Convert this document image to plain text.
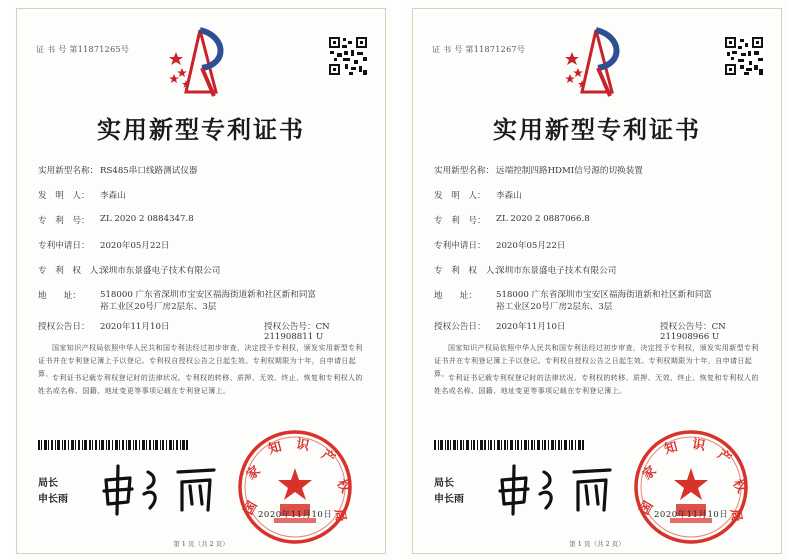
证 书 号 第11871265号
实用新型专利证书
实用新型名称： RS485串口线路测试仪器
发　明　人： 李森山
专　利　号： ZL 2020 2 0884347.8
专利申请日： 2020年05月22日
专　利　权　人：
深圳市东景盛电子技术有限公司
地　　址： 518000 广东省深圳市宝安区福海街道新和社区新和同富裕工业区20号厂房2层东、3层
授权公告日： 2020年11月10日	授权公告号：CN 211908811 U
国家知识产权局依照中华人民共和国专利法经过初步审查，决定授予专利权，颁发实用新型专利证书并在专利登记簿上予以登记。专利权自授权公告之日起生效。专利权期限为十年，自申请日起算。 专利证书记载专利权登记时的法律状况。专利权的转移、质押、无效、终止、恢复和专利权人的姓名或名称、国籍、地址变更等事项记载在专利登记簿上。
局长
申长雨	国
家
知 识
产
权
局
2020年11月10日
第 1 页（共 2 页）
证 书 号 第11871267号
实用新型专利证书
实用新型名称： 远端控制四路HDMI信号源的切换装置
发　明　人： 李森山
专　利　号： ZL 2020 2 0887066.8
专利申请日： 2020年05月22日
专　利　权　人：
深圳市东景盛电子技术有限公司
地　　址： 518000 广东省深圳市宝安区福海街道新和社区新和同富裕工业区20号厂房2层东、3层
授权公告日： 2020年11月10日	授权公告号：CN 211908966 U
国家知识产权局依照中华人民共和国专利法经过初步审查，决定授予专利权，颁发实用新型专利证书并在专利登记簿上予以登记。专利权自授权公告之日起生效。专利权期限为十年，自申请日起算。 专利证书记载专利权登记时的法律状况。专利权的转移、质押、无效、终止、恢复和专利权人的姓名或名称、国籍、地址变更等事项记载在专利登记簿上。
局长
申长雨	国
家
知 识
产
权
局
2020年11月10日
第 1 页（共 2 页）
